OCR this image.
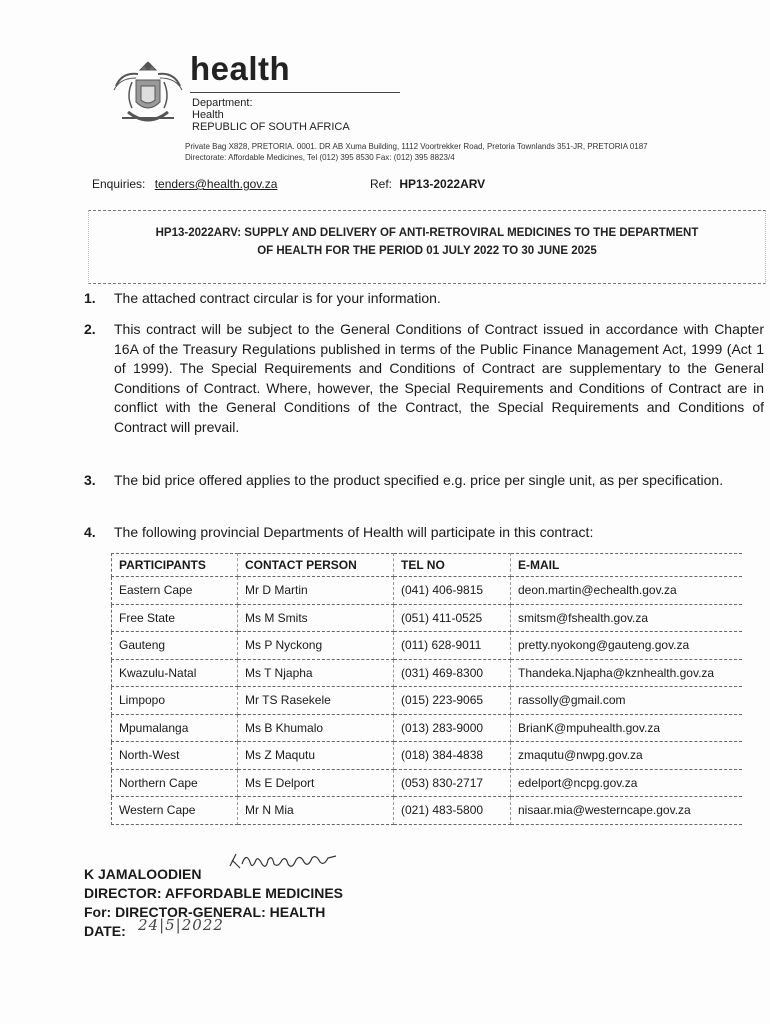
health
Department:
Health
REPUBLIC OF SOUTH AFRICA
Private Bag X828, PRETORIA. 0001. DR AB Xuma Building, 1112 Voortrekker Road, Pretoria Townlands 351-JR, PRETORIA 0187
Directorate: Affordable Medicines, Tel (012) 395 8530 Fax: (012) 395 8823/4
Enquiries: tenders@health.gov.za	Ref: HP13-2022ARV
HP13-2022ARV: SUPPLY AND DELIVERY OF ANTI-RETROVIRAL MEDICINES TO THE DEPARTMENT
OF HEALTH FOR THE PERIOD 01 JULY 2022 TO 30 JUNE 2025
1. The attached contract circular is for your information.
2. This contract will be subject to the General Conditions of Contract issued in accordance with Chapter 16A of the Treasury Regulations published in terms of the Public Finance Management Act, 1999 (Act 1 of 1999). The Special Requirements and Conditions of Contract are supplementary to the General Conditions of Contract. Where, however, the Special Requirements and Conditions of Contract are in conflict with the General Conditions of the Contract, the Special Requirements and Conditions of Contract will prevail.
3. The bid price offered applies to the product specified e.g. price per single unit, as per specification.
4. The following provincial Departments of Health will participate in this contract:
PARTICIPANTS	CONTACT PERSON	TEL NO	E-MAIL
Eastern Cape	Mr D Martin	(041) 406-9815	deon.martin@echealth.gov.za
Free State	Ms M Smits	(051) 411-0525	smitsm@fshealth.gov.za
Gauteng	Ms P Nyckong	(011) 628-9011	pretty.nyokong@gauteng.gov.za
Kwazulu-Natal	Ms T Njapha	(031) 469-8300	Thandeka.Njapha@kznhealth.gov.za
Limpopo	Mr TS Rasekele	(015) 223-9065	rassolly@gmail.com
Mpumalanga	Ms B Khumalo	(013) 283-9000	BrianK@mpuhealth.gov.za
North-West	Ms Z Maqutu	(018) 384-4838	zmaqutu@nwpg.gov.za
Northern Cape	Ms E Delport	(053) 830-2717	edelport@ncpg.gov.za
Western Cape	Mr N Mia	(021) 483-5800	nisaar.mia@westerncape.gov.za
K JAMALOODIEN
DIRECTOR: AFFORDABLE MEDICINES
For: DIRECTOR-GENERAL: HEALTH
DATE: 24|5|2022
